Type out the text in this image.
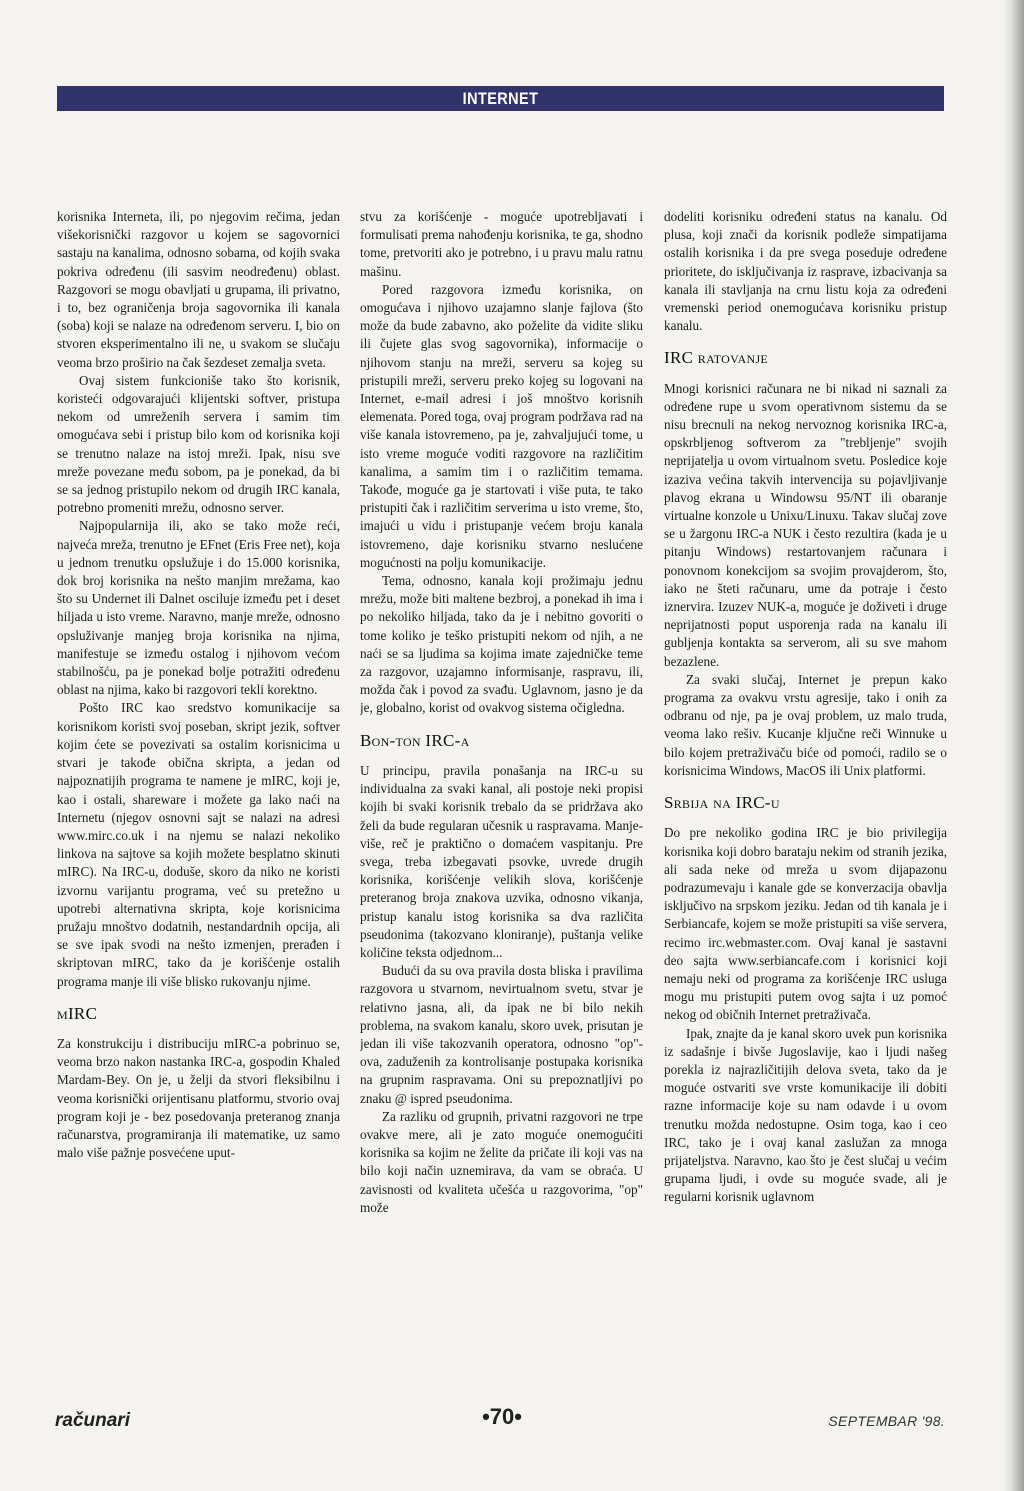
INTERNET

korisnika Interneta, ili, po njegovim rečima, jedan višekorisnički razgovor u kojem se sagovornici sastaju na kanalima, odnosno sobama, od kojih svaka pokriva određenu (ili sasvim neodređenu) oblast. Razgovori se mogu obavljati u grupama, ili privatno, i to, bez ograničenja broja sagovornika ili kanala (soba) koji se nalaze na određenom serveru. I, bio on stvoren eksperimentalno ili ne, u svakom se slučaju veoma brzo proširio na čak šezdeset zemalja sveta.

Ovaj sistem funkcioniše tako što korisnik, koristeći odgovarajući klijentski softver, pristupa nekom od umreženih servera i samim tim omogućava sebi i pristup bilo kom od korisnika koji se trenutno nalaze na istoj mreži. Ipak, nisu sve mreže povezane među sobom, pa je ponekad, da bi se sa jednog pristupilo nekom od drugih IRC kanala, potrebno promeniti mrežu, odnosno server.

Najpopularnija ili, ako se tako može reći, najveća mreža, trenutno je EFnet (Eris Free net), koja u jednom trenutku opslužuje i do 15.000 korisnika, dok broj korisnika na nešto manjim mrežama, kao što su Undernet ili Dalnet osciluje između pet i deset hiljada u isto vreme. Naravno, manje mreže, odnosno opsluživanje manjeg broja korisnika na njima, manifestuje se između ostalog i njihovom većom stabilnošću, pa je ponekad bolje potražiti određenu oblast na njima, kako bi razgovori tekli korektno.

Pošto IRC kao sredstvo komunikacije sa korisnikom koristi svoj poseban, skript jezik, softver kojim ćete se povezivati sa ostalim korisnicima u stvari je takođe obična skripta, a jedan od najpoznatijih programa te namene je mIRC, koji je, kao i ostali, shareware i možete ga lako naći na Internetu (njegov osnovni sajt se nalazi na adresi www.mirc.co.uk i na njemu se nalazi nekoliko linkova na sajtove sa kojih možete besplatno skinuti mIRC). Na IRC-u, doduše, skoro da niko ne koristi izvornu varijantu programa, već su pretežno u upotrebi alternativna skripta, koje korisnicima pružaju mnoštvo dodatnih, nestandardnih opcija, ali se sve ipak svodi na nešto izmenjen, prerađen i skriptovan mIRC, tako da je korišćenje ostalih programa manje ili više blisko rukovanju njime.

mIRC

Za konstrukciju i distribuciju mIRC-a pobrinuo se, veoma brzo nakon nastanka IRC-a, gospodin Khaled Mardam-Bey. On je, u želji da stvori fleksibilnu i veoma korisnički orijentisanu platformu, stvorio ovaj program koji je - bez posedovanja preteranog znanja računarstva, programiranja ili matematike, uz samo malo više pažnje posvećene uput-

stvu za korišćenje - moguće upotrebljavati i formulisati prema nahođenju korisnika, te ga, shodno tome, pretvoriti ako je potrebno, i u pravu malu ratnu mašinu.

Pored razgovora između korisnika, on omogućava i njihovo uzajamno slanje fajlova (što može da bude zabavno, ako poželite da vidite sliku ili čujete glas svog sagovornika), informacije o njihovom stanju na mreži, serveru sa kojeg su pristupili mreži, serveru preko kojeg su logovani na Internet, e-mail adresi i još mnoštvo korisnih elemenata. Pored toga, ovaj program podržava rad na više kanala istovremeno, pa je, zahvaljujući tome, u isto vreme moguće voditi razgovore na različitim kanalima, a samim tim i o različitim temama. Takođe, moguće ga je startovati i više puta, te tako pristupiti čak i različitim serverima u isto vreme, što, imajući u vidu i pristupanje većem broju kanala istovremeno, daje korisniku stvarno neslućene mogućnosti na polju komunikacije.

Tema, odnosno, kanala koji prožimaju jednu mrežu, može biti maltene bezbroj, a ponekad ih ima i po nekoliko hiljada, tako da je i nebitno govoriti o tome koliko je teško pristupiti nekom od njih, a ne naći se sa ljudima sa kojima imate zajedničke teme za razgovor, uzajamno informisanje, raspravu, ili, možda čak i povod za svađu. Uglavnom, jasno je da je, globalno, korist od ovakvog sistema očigledna.

Bon-ton IRC-a

U principu, pravila ponašanja na IRC-u su individualna za svaki kanal, ali postoje neki propisi kojih bi svaki korisnik trebalo da se pridržava ako želi da bude regularan učesnik u raspravama. Manje-više, reč je praktično o domaćem vaspitanju. Pre svega, treba izbegavati psovke, uvrede drugih korisnika, korišćenje velikih slova, korišćenje preteranog broja znakova uzvika, odnosno vikanja, pristup kanalu istog korisnika sa dva različita pseudonima (takozvano kloniranje), puštanja velike količine teksta odjednom...

Budući da su ova pravila dosta bliska i pravilima razgovora u stvarnom, nevirtualnom svetu, stvar je relativno jasna, ali, da ipak ne bi bilo nekih problema, na svakom kanalu, skoro uvek, prisutan je jedan ili više takozvanih operatora, odnosno "op"-ova, zaduženih za kontrolisanje postupaka korisnika na grupnim raspravama. Oni su prepoznatljivi po znaku @ ispred pseudonima.

Za razliku od grupnih, privatni razgovori ne trpe ovakve mere, ali je zato moguće onemogućiti korisnika sa kojim ne želite da pričate ili koji vas na bilo koji način uznemirava, da vam se obraća. U zavisnosti od kvaliteta učešća u razgovorima, "op" može

dodeliti korisniku određeni status na kanalu. Od plusa, koji znači da korisnik podleže simpatijama ostalih korisnika i da pre svega poseduje određene prioritete, do isključivanja iz rasprave, izbacivanja sa kanala ili stavljanja na crnu listu koja za određeni vremenski period onemogućava korisniku pristup kanalu.

IRC ratovanje

Mnogi korisnici računara ne bi nikad ni saznali za određene rupe u svom operativnom sistemu da se nisu brecnuli na nekog nervoznog korisnika IRC-a, opskrbljenog softverom za "trebljenje" svojih neprijatelja u ovom virtualnom svetu. Posledice koje izaziva većina takvih intervencija su pojavljivanje plavog ekrana u Windowsu 95/NT ili obaranje virtualne konzole u Unixu/Linuxu. Takav slučaj zove se u žargonu IRC-a NUK i često rezultira (kada je u pitanju Windows) restartovanjem računara i ponovnom konekcijom sa svojim provajderom, što, iako ne šteti računaru, ume da potraje i često iznervira. Izuzev NUK-a, moguće je doživeti i druge neprijatnosti poput usporenja rada na kanalu ili gubljenja kontakta sa serverom, ali su sve mahom bezazlene.

Za svaki slučaj, Internet je prepun kako programa za ovakvu vrstu agresije, tako i onih za odbranu od nje, pa je ovaj problem, uz malo truda, veoma lako rešiv. Kucanje ključne reči Winnuke u bilo kojem pretraživaču biće od pomoći, radilo se o korisnicima Windows, MacOS ili Unix platformi.

Srbija na IRC-u

Do pre nekoliko godina IRC je bio privilegija korisnika koji dobro barataju nekim od stranih jezika, ali sada neke od mreža u svom dijapazonu podrazumevaju i kanale gde se konverzacija obavlja isključivo na srpskom jeziku. Jedan od tih kanala je i Serbiancafe, kojem se može pristupiti sa više servera, recimo irc.webmaster.com. Ovaj kanal je sastavni deo sajta www.serbiancafe.com i korisnici koji nemaju neki od programa za korišćenje IRC usluga mogu mu pristupiti putem ovog sajta i uz pomoć nekog od običnih Internet pretraživača.

Ipak, znajte da je kanal skoro uvek pun korisnika iz sadašnje i bivše Jugoslavije, kao i ljudi našeg porekla iz najrazličitijih delova sveta, tako da je moguće ostvariti sve vrste komunikacije ili dobiti razne informacije koje su nam odavde i u ovom trenutku možda nedostupne. Osim toga, kao i ceo IRC, tako je i ovaj kanal zaslužan za mnoga prijateljstva. Naravno, kao što je čest slučaj u većim grupama ljudi, i ovde su moguće svade, ali je regularni korisnik uglavnom

računari	•70•	SEPTEMBAR '98.
